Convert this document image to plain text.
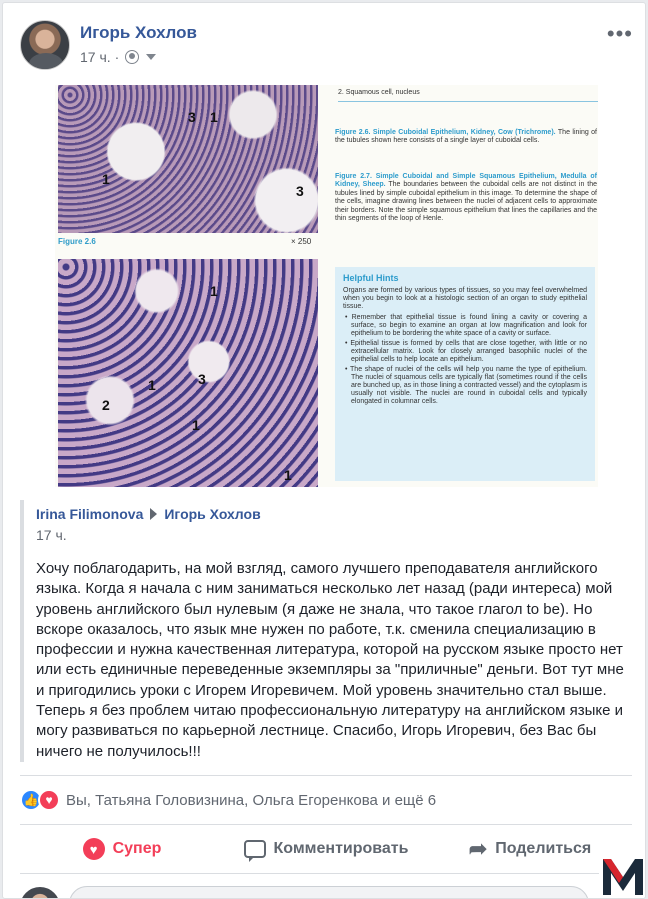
Игорь Хохлов
17 ч. ·
•••
3 1
1
3
Figure 2.6	× 250
1
3
1
2
1
1
2. Squamous cell, nucleus
Figure 2.6. Simple Cuboidal Epithelium, Kidney, Cow (Trichrome). The lining of the tubules shown here consists of a single layer of cuboidal cells.
Figure 2.7. Simple Cuboidal and Simple Squamous Epithelium, Medulla of Kidney, Sheep. The boundaries between the cuboidal cells are not distinct in the tubules lined by simple cuboidal epithelium in this image. To determine the shape of the cells, imagine drawing lines between the nuclei of adjacent cells to approximate their borders. Note the simple squamous epithelium that lines the capillaries and the thin segments of the loop of Henle.
Helpful Hints
Organs are formed by various types of tissues, so you may feel overwhelmed when you begin to look at a histologic section of an organ to study epithelial tissue.
• Remember that epithelial tissue is found lining a cavity or covering a surface, so begin to examine an organ at low magnification and look for epithelium to be bordering the white space of a cavity or surface.
• Epithelial tissue is formed by cells that are close together, with little or no extracellular matrix. Look for closely arranged basophilic nuclei of the epithelial cells to help locate an epithelium.
• The shape of nuclei of the cells will help you name the type of epithelium. The nuclei of squamous cells are typically flat (sometimes round if the cells are bunched up, as in those lining a contracted vessel) and the cytoplasm is usually not visible. The nuclei are round in cuboidal cells and typically elongated in columnar cells.
Irina Filimonova Игорь Хохлов
17 ч.
Хочу поблагодарить, на мой взгляд, самого лучшего преподавателя английского языка. Когда я начала с ним заниматься несколько лет назад (ради интереса) мой уровень английского был нулевым (я даже не знала, что такое глагол to be). Но вскоре оказалось, что язык мне нужен по работе, т.к. сменила специализацию в профессии и нужна качественная литература, которой на русском языке просто нет или есть единичные переведенные экземпляры за "приличные" деньги. Вот тут мне и пригодились уроки с Игорем Игоревичем. Мой уровень значительно стал выше. Теперь я без проблем читаю профессиональную литературу на английском языке и могу развиваться по карьерной лестнице. Спасибо, Игорь Игоревич, без Вас бы ничего не получилось!!!
👍 ♥ Вы, Татьяна Головизнина, Ольга Егоренкова и ещё 6
♥ Супер	Комментировать	➦ Поделиться
